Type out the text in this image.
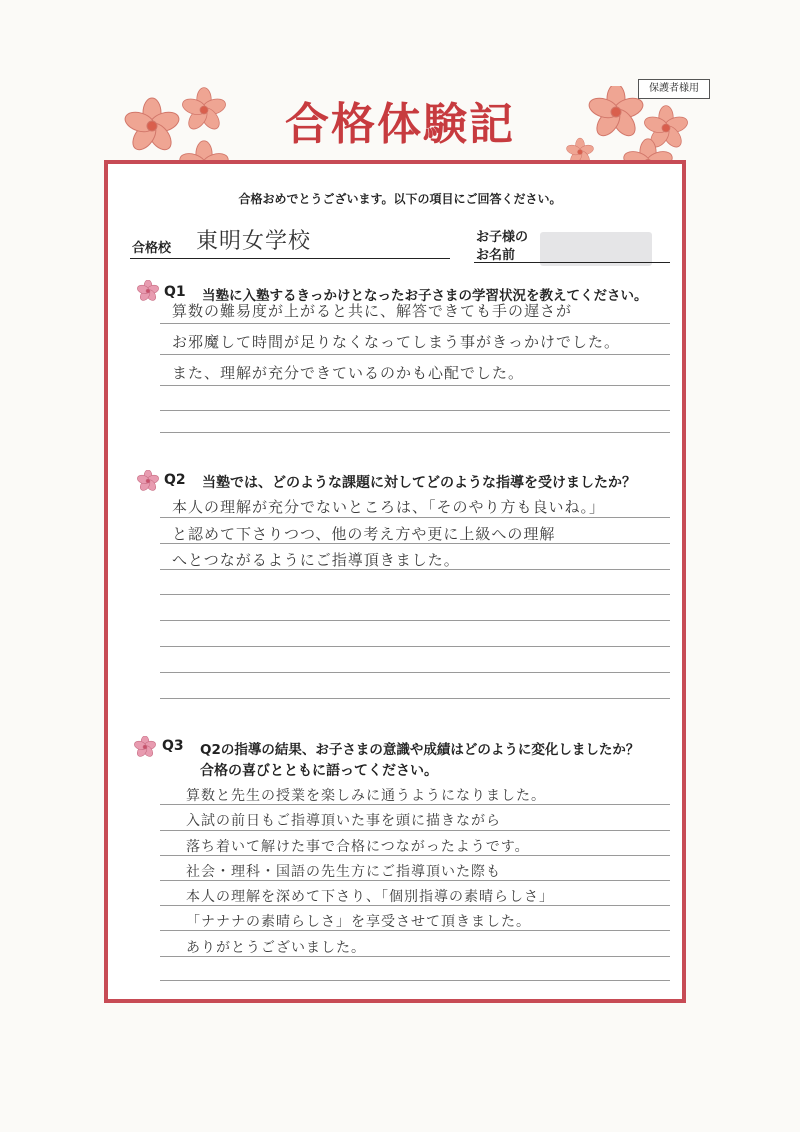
保護者様用
合格体験記
合格おめでとうございます。以下の項目にご回答ください。
合格校 東明女学校	お子様の
お名前
Q1 当塾に入塾するきっかけとなったお子さまの学習状況を教えてください。
算数の難易度が上がると共に、解答できても手の遅さが
お邪魔して時間が足りなくなってしまう事がきっかけでした。
また、理解が充分できているのかも心配でした。
Q2 当塾では、どのような課題に対してどのような指導を受けましたか？
本人の理解が充分でないところは、「そのやり方も良いね。」
と認めて下さりつつ、他の考え方や更に上級への理解
へとつながるようにご指導頂きました。
Q3 Q2の指導の結果、お子さまの意識や成績はどのように変化しましたか？
合格の喜びとともに語ってください。
算数と先生の授業を楽しみに通うようになりました。
入試の前日もご指導頂いた事を頭に描きながら
落ち着いて解けた事で合格につながったようです。
社会・理科・国語の先生方にご指導頂いた際も
本人の理解を深めて下さり、「個別指導の素晴らしさ」
「ナナナの素晴らしさ」を享受させて頂きました。
ありがとうございました。
